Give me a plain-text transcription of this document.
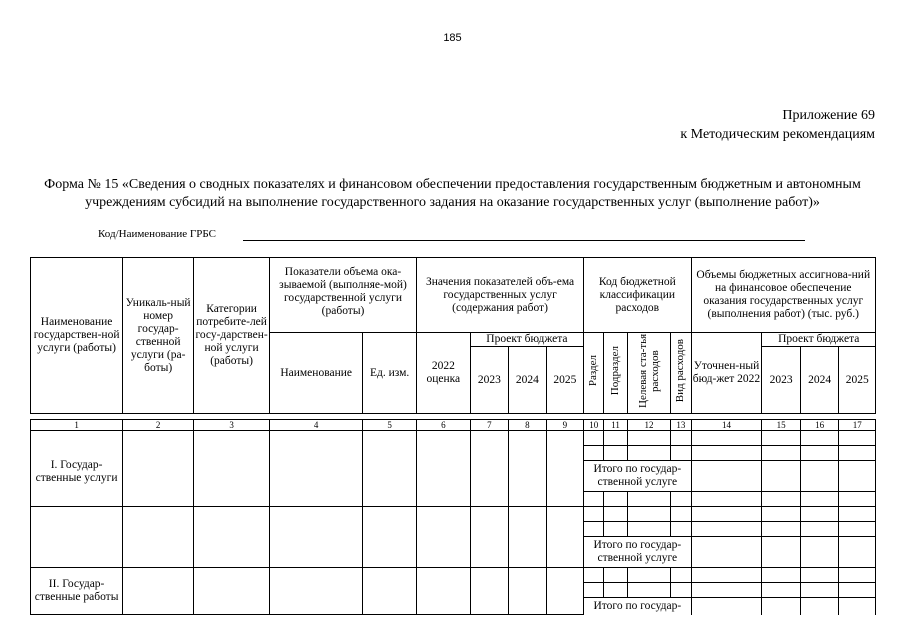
185
Приложение 69
к Методическим рекомендациям
Форма № 15 «Сведения о сводных показателях и финансовом обеспечении предоставления государственным бюджетным и автономным учреждениям субсидий на выполнение государственного задания на оказание государственных услуг (выполнение работ)»
Код/Наименование ГРБС
Наименование государствен-ной услуги (работы)	Уникаль-ный номер государ-ственной услуги (ра-боты)	Категории потребите-лей госу-дарствен-ной услуги (работы)	Показатели объема ока-зываемой (выполняе-мой) государственной услуги (работы)		Значения показателей объ-ема государственных услуг (содержания работ)				Код бюджетной классификации расходов				Объемы бюджетных ассигнова-ний на финансовое обеспечение оказания государственных услуг (выполнения работ) (тыс. руб.)			
			Наименование	Ед. изм.	2022 оценка	Проект бюджета			Раздел	Подраздел	Целевая ста-тья расходов	Вид расходов	Уточнен-ный бюд-жет 2022	Проект бюджета		
						2023	2024	2025						2023	2024	2025

1	2	3	4	5	6	7	8	9	10	11	12	13	14	15	16	17
I. Государ-ственные услуги																

									Итого по государ-ственной услуге							

									Итого по государ-ственной услуге							
II. Государ-ственные работы																

									Итого по государ-							
